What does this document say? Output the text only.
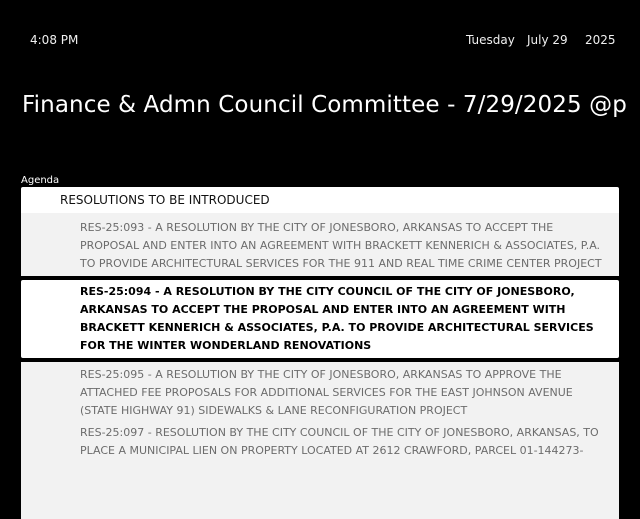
4:08 PM	Tuesday July 29 2025
Finance & Admn Council Committee - 7/29/2025 @p
Agenda
RESOLUTIONS TO BE INTRODUCED
RES-25:093 - A RESOLUTION BY THE CITY OF JONESBORO, ARKANSAS TO ACCEPT THE PROPOSAL AND ENTER INTO AN AGREEMENT WITH BRACKETT KENNERICH & ASSOCIATES, P.A. TO PROVIDE ARCHITECTURAL SERVICES FOR THE 911 AND REAL TIME CRIME CENTER PROJECT
RES-25:094 - A RESOLUTION BY THE CITY COUNCIL OF THE CITY OF JONESBORO, ARKANSAS TO ACCEPT THE PROPOSAL AND ENTER INTO AN AGREEMENT WITH BRACKETT KENNERICH & ASSOCIATES, P.A. TO PROVIDE ARCHITECTURAL SERVICES FOR THE WINTER WONDERLAND RENOVATIONS
RES-25:095 - A RESOLUTION BY THE CITY OF JONESBORO, ARKANSAS TO APPROVE THE ATTACHED FEE PROPOSALS FOR ADDITIONAL SERVICES FOR THE EAST JOHNSON AVENUE (STATE HIGHWAY 91) SIDEWALKS & LANE RECONFIGURATION PROJECT
RES-25:097 - RESOLUTION BY THE CITY COUNCIL OF THE CITY OF JONESBORO, ARKANSAS, TO PLACE A MUNICIPAL LIEN ON PROPERTY LOCATED AT 2612 CRAWFORD, PARCEL 01-144273-
